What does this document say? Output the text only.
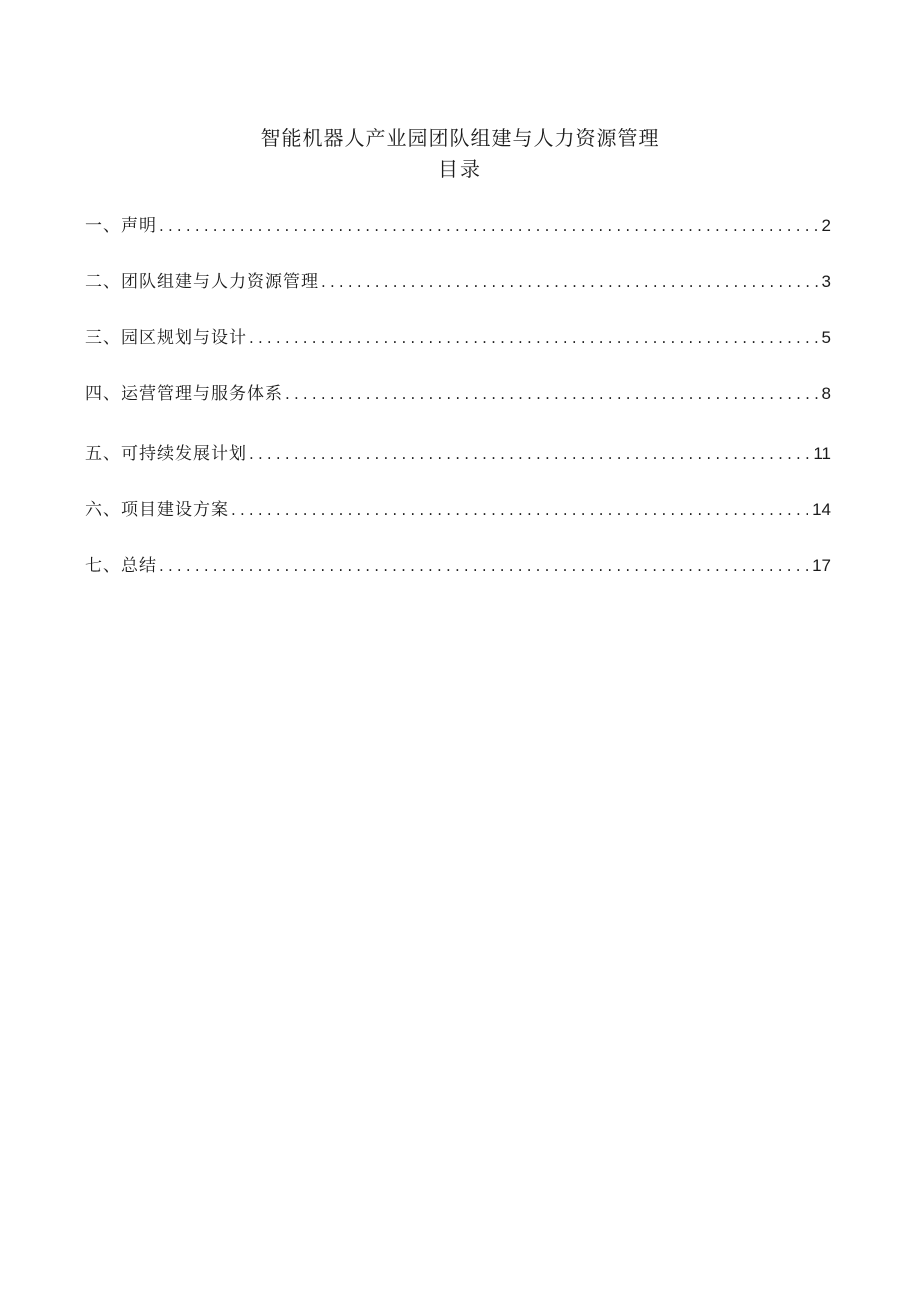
智能机器人产业园团队组建与人力资源管理
目录
一、声明 .....	2
二、团队组建与人力资源管理 .....	3
三、园区规划与设计 .....	5
四、运营管理与服务体系 .....	8
五、可持续发展计划 .....	11
六、项目建设方案 .....	14
七、总结 .....	17
